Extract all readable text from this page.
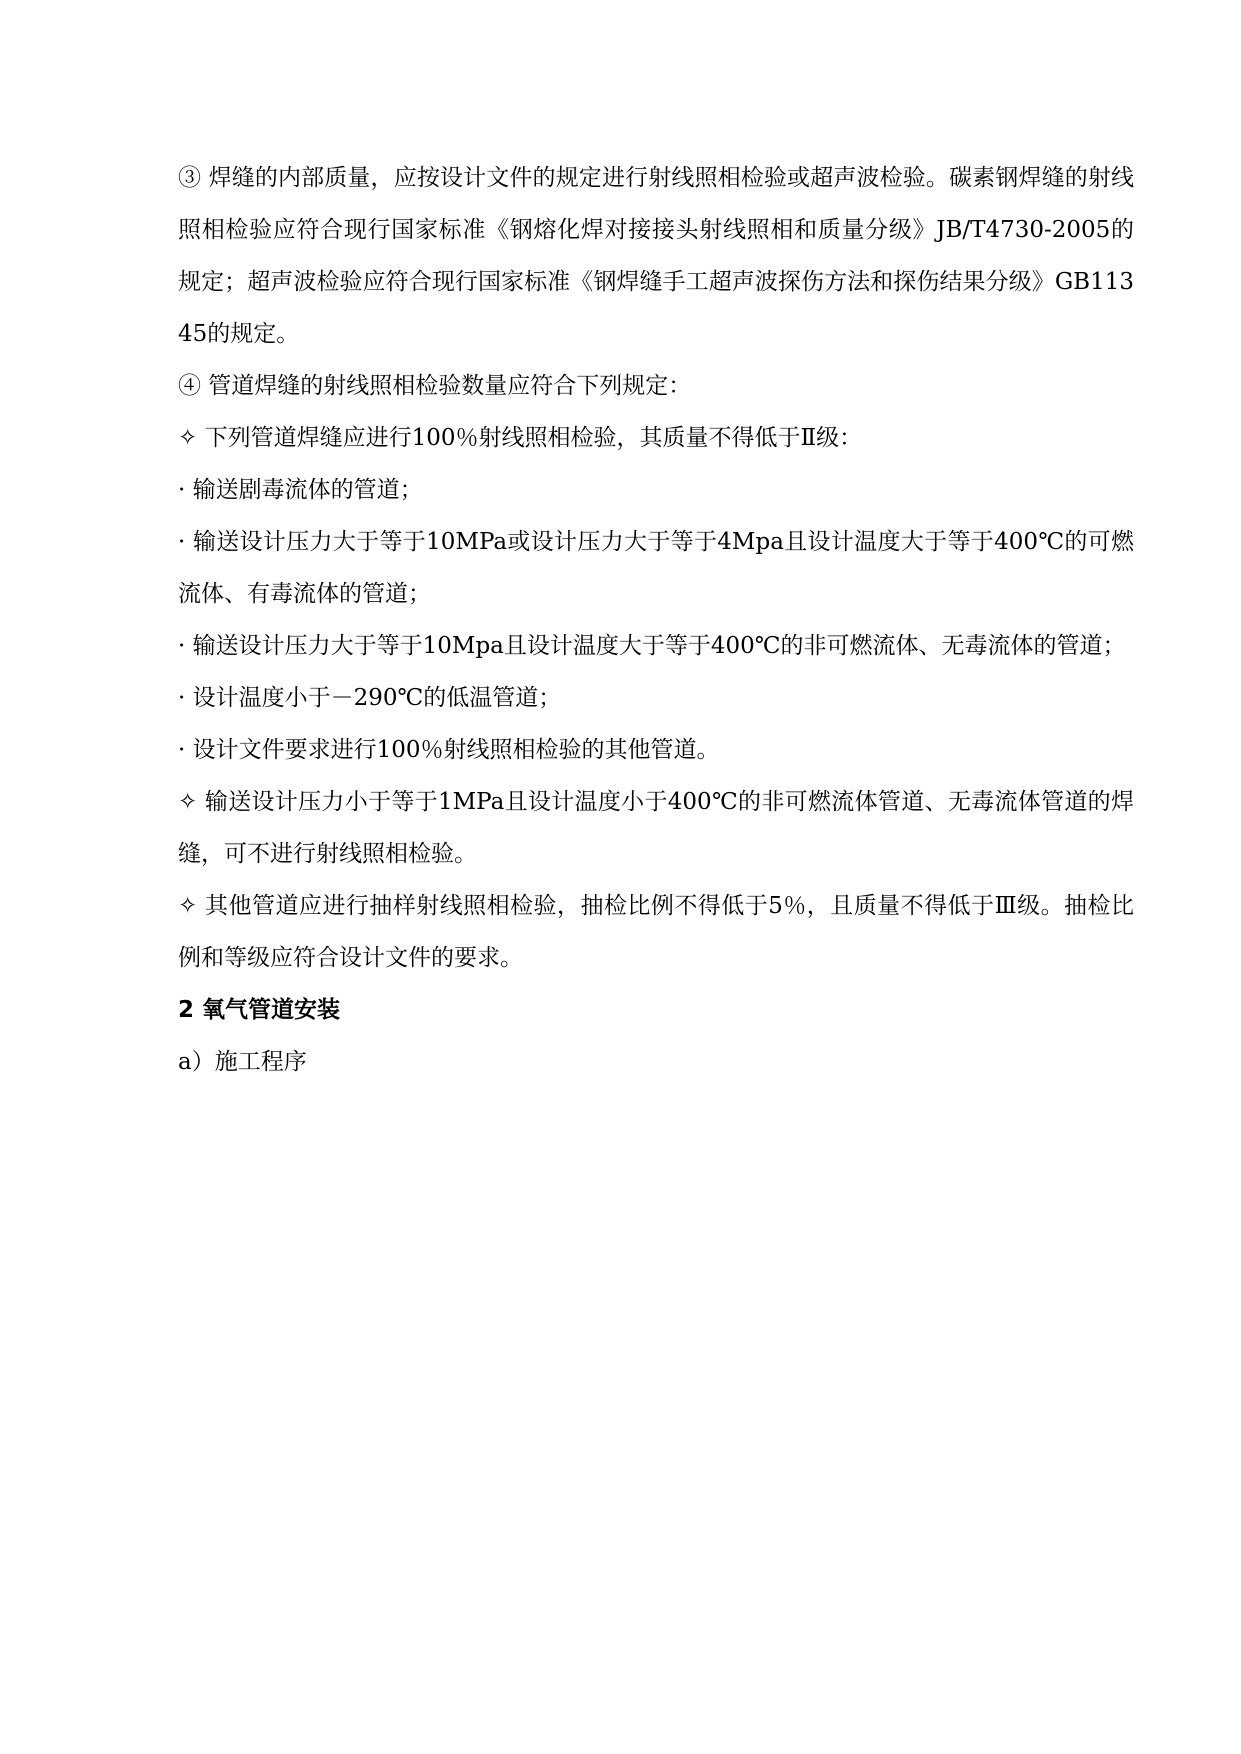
③ 焊缝的内部质量，应按设计文件的规定进行射线照相检验或超声波检验。碳素钢焊缝的射线照相检验应符合现行国家标准《钢熔化焊对接接头射线照相和质量分级》JB/T4730-2005的规定；超声波检验应符合现行国家标准《钢焊缝手工超声波探伤方法和探伤结果分级》GB11345的规定。

④ 管道焊缝的射线照相检验数量应符合下列规定：

✧ 下列管道焊缝应进行100％射线照相检验，其质量不得低于Ⅱ级：

· 输送剧毒流体的管道；

· 输送设计压力大于等于10MPa或设计压力大于等于4Mpa且设计温度大于等于400℃的可燃流体、有毒流体的管道；

· 输送设计压力大于等于10Mpa且设计温度大于等于400℃的非可燃流体、无毒流体的管道；

· 设计温度小于－290℃的低温管道；

· 设计文件要求进行100％射线照相检验的其他管道。

✧ 输送设计压力小于等于1MPa且设计温度小于400℃的非可燃流体管道、无毒流体管道的焊缝，可不进行射线照相检验。

✧ 其他管道应进行抽样射线照相检验，抽检比例不得低于5％，且质量不得低于Ⅲ级。抽检比例和等级应符合设计文件的要求。

2 氧气管道安装

a）施工程序
